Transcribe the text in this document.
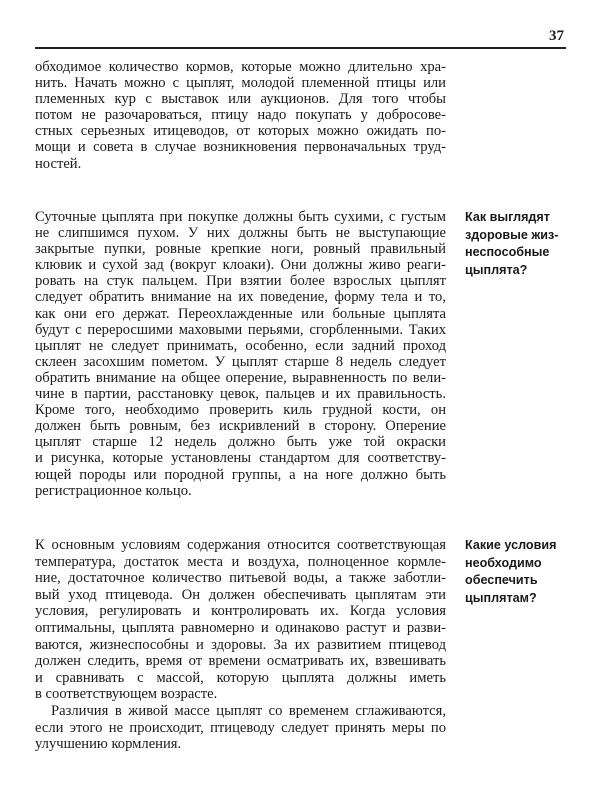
37
обходимое количество кормов, которые можно длительно хра-
нить. Начать можно с цыплят, молодой племенной птицы или
племенных кур с выставок или аукционов. Для того чтобы
потом не разочароваться, птицу надо покупать у добросове-
стных серьезных итицеводов, от которых можно ожидать по-
мощи и совета в случае возникновения первоначальных труд-
ностей.
Суточные цыплята при покупке должны быть сухими, с густым
не слипшимся пухом. У них должны быть не выступающие
закрытые пупки, ровные крепкие ноги, ровный правильный
клювик и сухой зад (вокруг клоаки). Они должны живо реаги-
ровать на стук пальцем. При взятии более взрослых цыплят
следует обратить внимание на их поведение, форму тела и то,
как они его держат. Переохлажденные или больные цыплята
будут с переросшими маховыми перьями, сгорбленными. Таких
цыплят не следует принимать, особенно, если задний проход
склеен засохшим пометом. У цыплят старше 8 недель следует
обратить внимание на общее оперение, выравненность по вели-
чине в партии, расстановку цевок, пальцев и их правильность.
Кроме того, необходимо проверить киль грудной кости, он
должен быть ровным, без искривлений в сторону. Оперение
цыплят старше 12 недель должно быть уже той окраски
и рисунка, которые установлены стандартом для соответству-
ющей породы или породной группы, а на ноге должно быть
регистрационное кольцо.
Как выглядят
здоровые жиз-
неспособные
цыплята?
К основным условиям содержания относится соответствующая
температура, достаток места и воздуха, полноценное кормле-
ние, достаточное количество питьевой воды, а также заботли-
вый уход птицевода. Он должен обеспечивать цыплятам эти
условия, регулировать и контролировать их. Когда условия
оптимальны, цыплята равномерно и одинаково растут и разви-
ваются, жизнеспособны и здоровы. За их развитием птицевод
должен следить, время от времени осматривать их, взвешивать
и сравнивать с массой, которую цыплята должны иметь
в соответствующем возрасте.
Различия в живой массе цыплят со временем сглаживаются,
если этого не происходит, птицеводу следует принять меры по
улучшению кормления.
Какие условия
необходимо
обеспечить
цыплятам?
